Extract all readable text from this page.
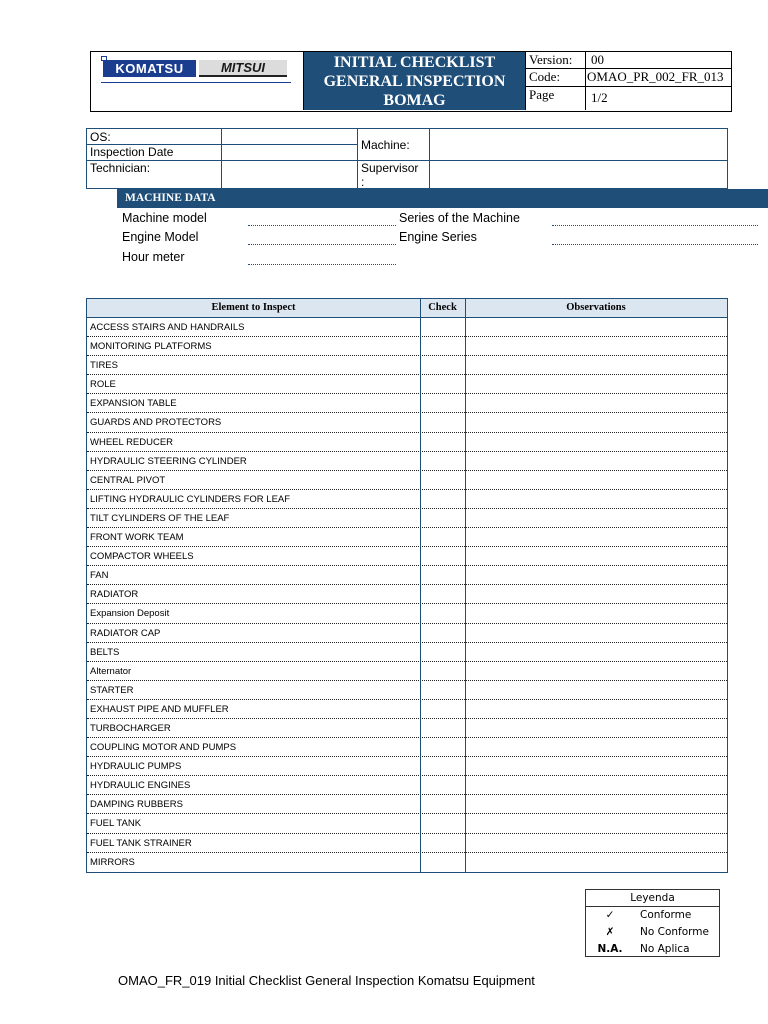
KOMATSU	MITSUI	INITIAL CHECKLIST
GENERAL INSPECTION
BOMAG
Version:	00
Code:	OMAO_PR_002_FR_013
Page	1/2
OS:
Inspection Date
Technician:
Machine:
Supervisor
:
MACHINE DATA
Machine model	Series of the Machine
Engine Model	Engine Series
Hour meter
Element to Inspect	Check	Observations
ACCESS STAIRS AND HANDRAILS
MONITORING PLATFORMS
TIRES
ROLE
EXPANSION TABLE
GUARDS AND PROTECTORS
WHEEL REDUCER
HYDRAULIC STEERING CYLINDER
CENTRAL PIVOT
LIFTING HYDRAULIC CYLINDERS FOR LEAF
TILT CYLINDERS OF THE LEAF
FRONT WORK TEAM
COMPACTOR WHEELS
FAN
RADIATOR
Expansion Deposit
RADIATOR CAP
BELTS
Alternator
STARTER
EXHAUST PIPE AND MUFFLER
TURBOCHARGER
COUPLING MOTOR AND PUMPS
HYDRAULIC PUMPS
HYDRAULIC ENGINES
DAMPING RUBBERS
FUEL TANK
FUEL TANK STRAINER
MIRRORS
Leyenda
✓	Conforme
✗	No Conforme
N.A.	No Aplica
OMAO_FR_019 Initial Checklist General Inspection Komatsu Equipment
